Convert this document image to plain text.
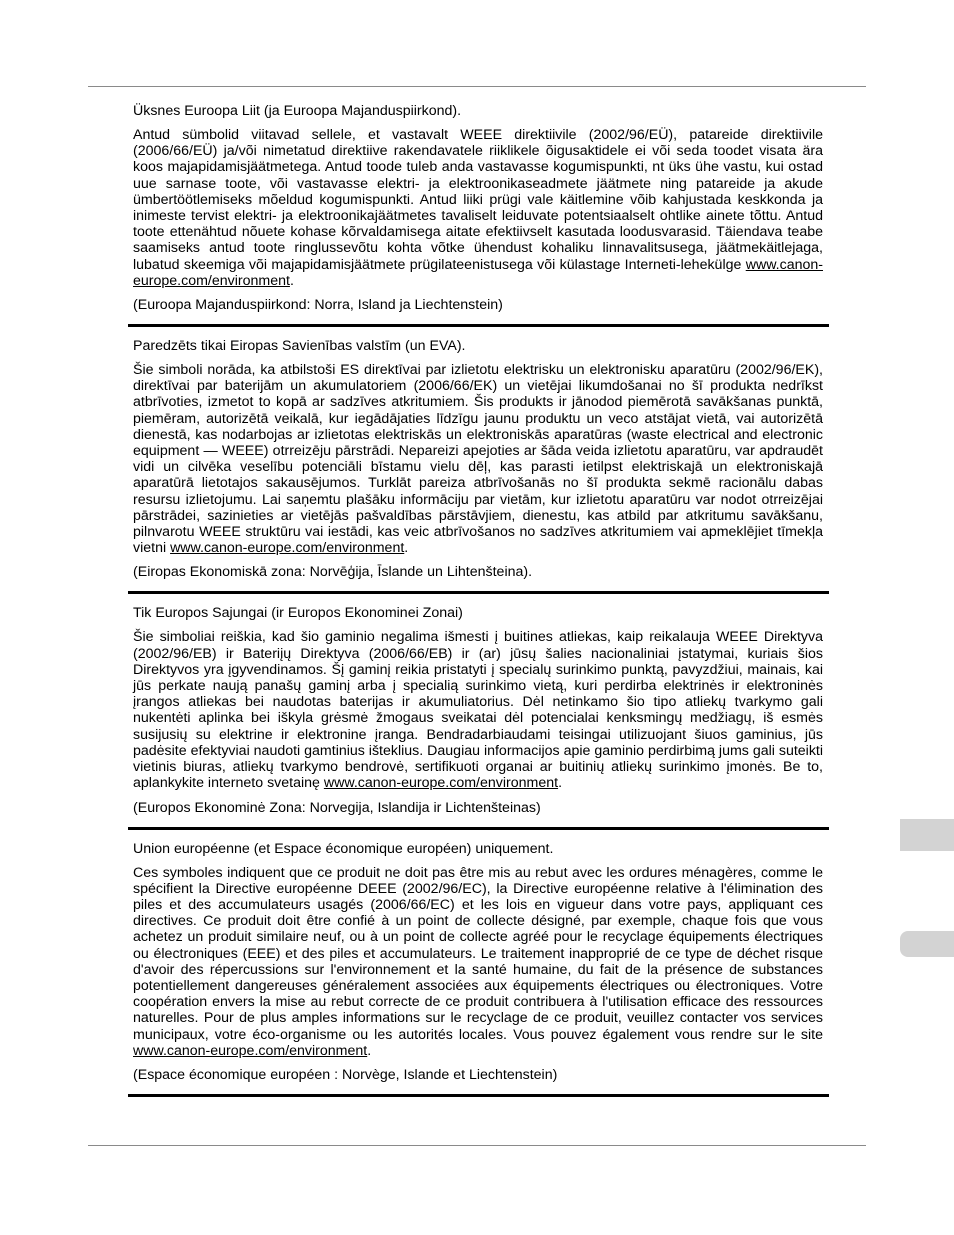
Üksnes Euroopa Liit (ja Euroopa Majanduspiirkond).

Antud sümbolid viitavad sellele, et vastavalt WEEE direktiivile (2002/96/EÜ), patareide direktiivile (2006/66/EÜ) ja/või nimetatud direktiive rakendavatele riiklikele õigusaktidele ei või seda toodet visata ära koos majapidamisjäätmetega. Antud toode tuleb anda vastavasse kogumispunkti, nt üks ühe vastu, kui ostad uue sarnase toote, või vastavasse elektri- ja elektroonikaseadmete jäätmete ning patareide ja akude ümbertöötlemiseks mõeldud kogumispunkti. Antud liiki prügi vale käitlemine võib kahjustada keskkonda ja inimeste tervist elektri- ja elektroonikajäätmetes tavaliselt leiduvate potentsiaalselt ohtlike ainete tõttu. Antud toote ettenähtud nõuete kohase kõrvaldamisega aitate efektiivselt kasutada loodusvarasid. Täiendava teabe saamiseks antud toote ringlussevõtu kohta võtke ühendust kohaliku linnavalitsusega, jäätmekäitlejaga, lubatud skeemiga või majapidamisjäätmete prügilateenistusega või külastage Interneti-lehekülge www.canon-europe.com/environment.

(Euroopa Majanduspiirkond: Norra, Island ja Liechtenstein)

Paredzēts tikai Eiropas Savienības valstīm (un EVA).

Šie simboli norāda, ka atbilstoši ES direktīvai par izlietotu elektrisku un elektronisku aparatūru (2002/96/EK), direktīvai par baterijām un akumulatoriem (2006/66/EK) un vietējai likumdošanai no šī produkta nedrīkst atbrīvoties, izmetot to kopā ar sadzīves atkritumiem. Šis produkts ir jānodod piemērotā savākšanas punktā, piemēram, autorizētā veikalā, kur iegādājaties līdzīgu jaunu produktu un veco atstājat vietā, vai autorizētā dienestā, kas nodarbojas ar izlietotas elektriskās un elektroniskās aparatūras (waste electrical and electronic equipment — WEEE) otrreizēju pārstrādi. Nepareizi apejoties ar šāda veida izlietotu aparatūru, var apdraudēt vidi un cilvēka veselību potenciāli bīstamu vielu dēļ, kas parasti ietilpst elektriskajā un elektroniskajā aparatūrā lietotajos sakausējumos. Turklāt pareiza atbrīvošanās no šī produkta sekmē racionālu dabas resursu izlietojumu. Lai saņemtu plašāku informāciju par vietām, kur izlietotu aparatūru var nodot otrreizējai pārstrādei, sazinieties ar vietējās pašvaldības pārstāvjiem, dienestu, kas atbild par atkritumu savākšanu, pilnvarotu WEEE struktūru vai iestādi, kas veic atbrīvošanos no sadzīves atkritumiem vai apmeklējiet tīmekļa vietni www.canon-europe.com/environment.

(Eiropas Ekonomiskā zona: Norvēģija, Īslande un Lihtenšteina).

Tik Europos Sajungai (ir Europos Ekonominei Zonai)

Šie simboliai reiškia, kad šio gaminio negalima išmesti į buitines atliekas, kaip reikalauja WEEE Direktyva (2002/96/EB) ir Bateriįų Direktyva (2006/66/EB) ir (ar) jūsų šalies nacionaliniai įstatymai, kuriais šios Direktyvos yra įgyvendinamos. Šį gaminį reikia pristatyti į specialų surinkimo punktą, pavyzdžiui, mainais, kai jūs perkate naują panašų gaminį arba į specialią surinkimo vietą, kuri perdirba elektrinės ir elektroninės įrangos atliekas bei naudotas baterijas ir akumuliatorius. Dėl netinkamo šio tipo atliekų tvarkymo gali nukentėti aplinka bei iškyla grėsmė žmogaus sveikatai dėl potencialai kenksmingų medžiagų, iš esmės susijusių su elektrine ir elektronine įranga. Bendradarbiaudami teisingai utilizuojant šiuos gaminius, jūs padėsite efektyviai naudoti gamtinius išteklius. Daugiau informacijos apie gaminio perdirbimą jums gali suteikti vietinis biuras, atliekų tvarkymo bendrovė, sertifikuoti organai ar buitinių atliekų surinkimo įmonės. Be to, aplankykite interneto svetainę www.canon-europe.com/environment.

(Europos Ekonominė Zona: Norvegija, Islandija ir Lichtenšteinas)

Union européenne (et Espace économique européen) uniquement.

Ces symboles indiquent que ce produit ne doit pas être mis au rebut avec les ordures ménagères, comme le spécifient la Directive européenne DEEE (2002/96/EC), la Directive européenne relative à l'élimination des piles et des accumulateurs usagés (2006/66/EC) et les lois en vigueur dans votre pays, appliquant ces directives. Ce produit doit être confié à un point de collecte désigné, par exemple, chaque fois que vous achetez un produit similaire neuf, ou à un point de collecte agréé pour le recyclage équipements électriques ou électroniques (EEE) et des piles et accumulateurs. Le traitement inapproprié de ce type de déchet risque d'avoir des répercussions sur l'environnement et la santé humaine, du fait de la présence de substances potentiellement dangereuses généralement associées aux équipements électriques ou électroniques. Votre coopération envers la mise au rebut correcte de ce produit contribuera à l'utilisation efficace des ressources naturelles. Pour de plus amples informations sur le recyclage de ce produit, veuillez contacter vos services municipaux, votre éco-organisme ou les autorités locales. Vous pouvez également vous rendre sur le site www.canon-europe.com/environment.

(Espace économique européen : Norvège, Islande et Liechtenstein)
